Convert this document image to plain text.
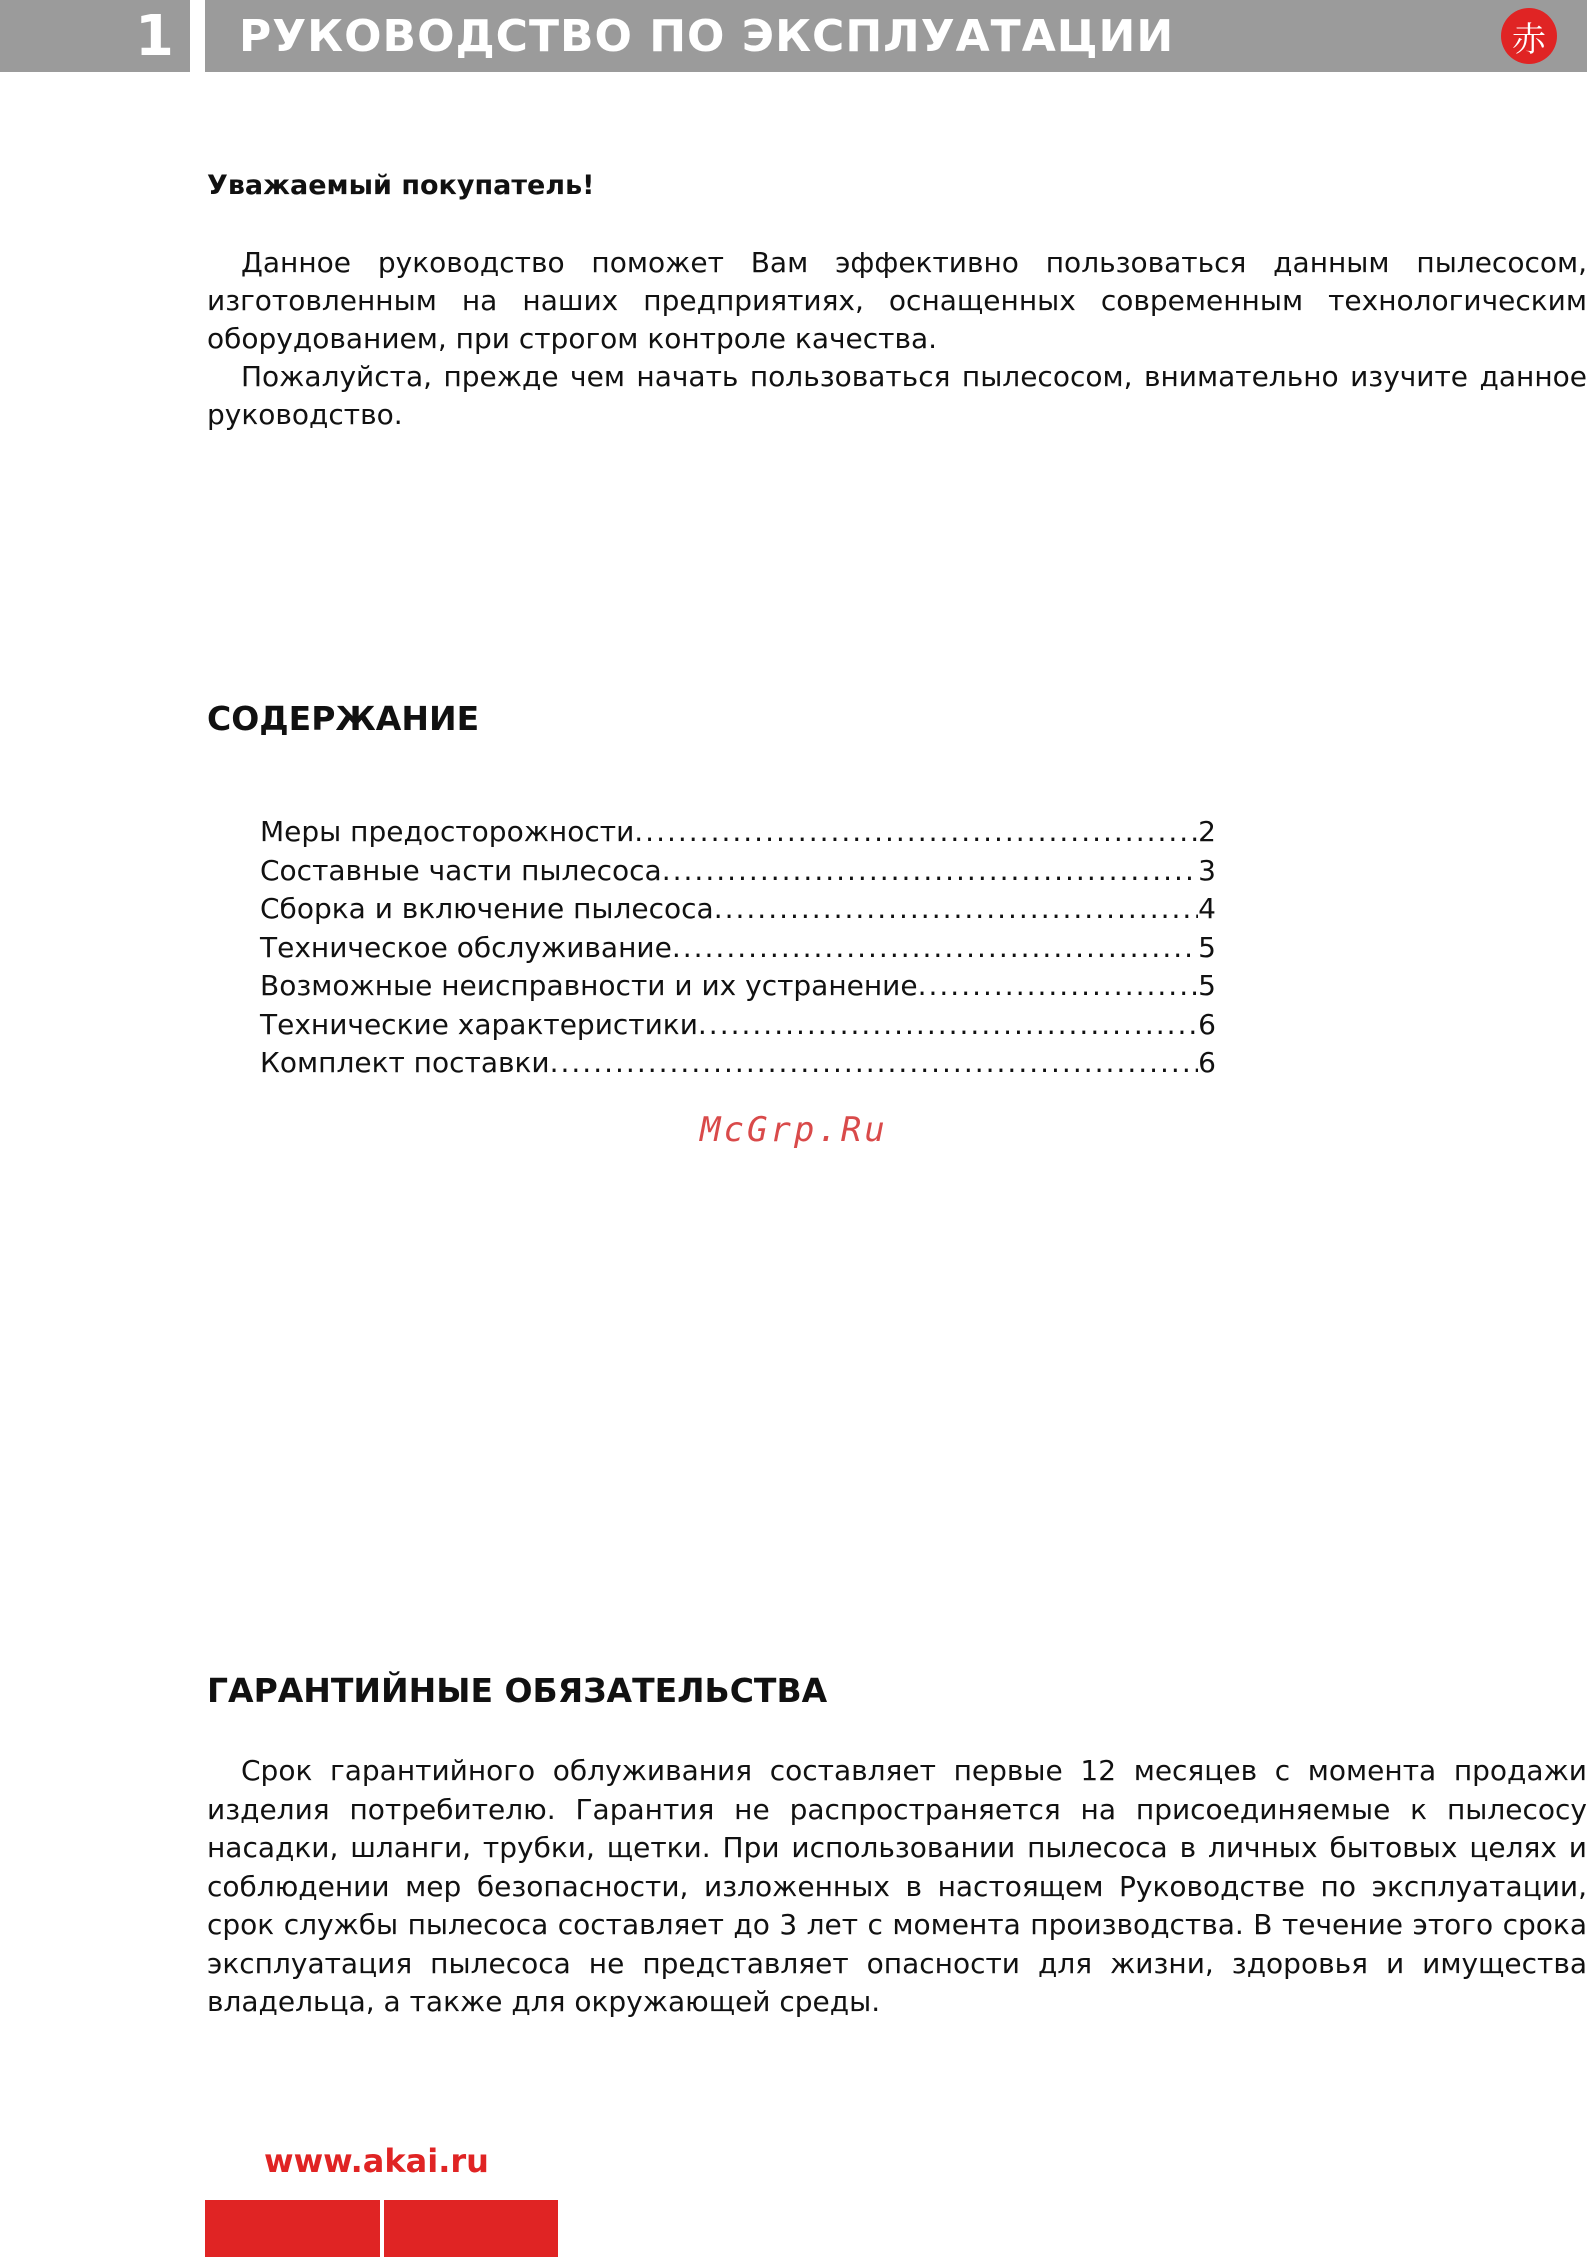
1	РУКОВОДСТВО ПО ЭКСПЛУАТАЦИИ	赤
Уважаемый покупатель!

Данное руководство поможет Вам эффективно пользоваться данным пылесосом, изготовленным на наших предприятиях, оснащенных современным технологическим оборудованием, при строгом контроле качества.

Пожалуйста, прежде чем начать пользоваться пылесосом, внимательно изучите данное руководство.

СОДЕРЖАНИЕ
Меры предосторожности .....	2
Составные части пылесоса .....	3
Сборка и включение пылесоса .....	4
Техническое обслуживание .....	5
Возможные неисправности и их устранение .....	5
Технические характеристики .....	6
Комплект поставки .....	6
McGrp.Ru
ГАРАНТИЙНЫЕ ОБЯЗАТЕЛЬСТВА

Срок гарантийного облуживания составляет первые 12 месяцев с момента продажи изделия потребителю. Гарантия не распространяется на присоединяемые к пылесосу насадки, шланги, трубки, щетки. При использовании пылесоса в личных бытовых целях и соблюдении мер безопасности, изложенных в настоящем Руководстве по эксплуатации, срок службы пылесоса составляет до 3 лет с момента производства. В течение этого срока эксплуатация пылесоса не представляет опасности для жизни, здоровья и имущества владельца, а также для окружающей среды.

www.akai.ru
